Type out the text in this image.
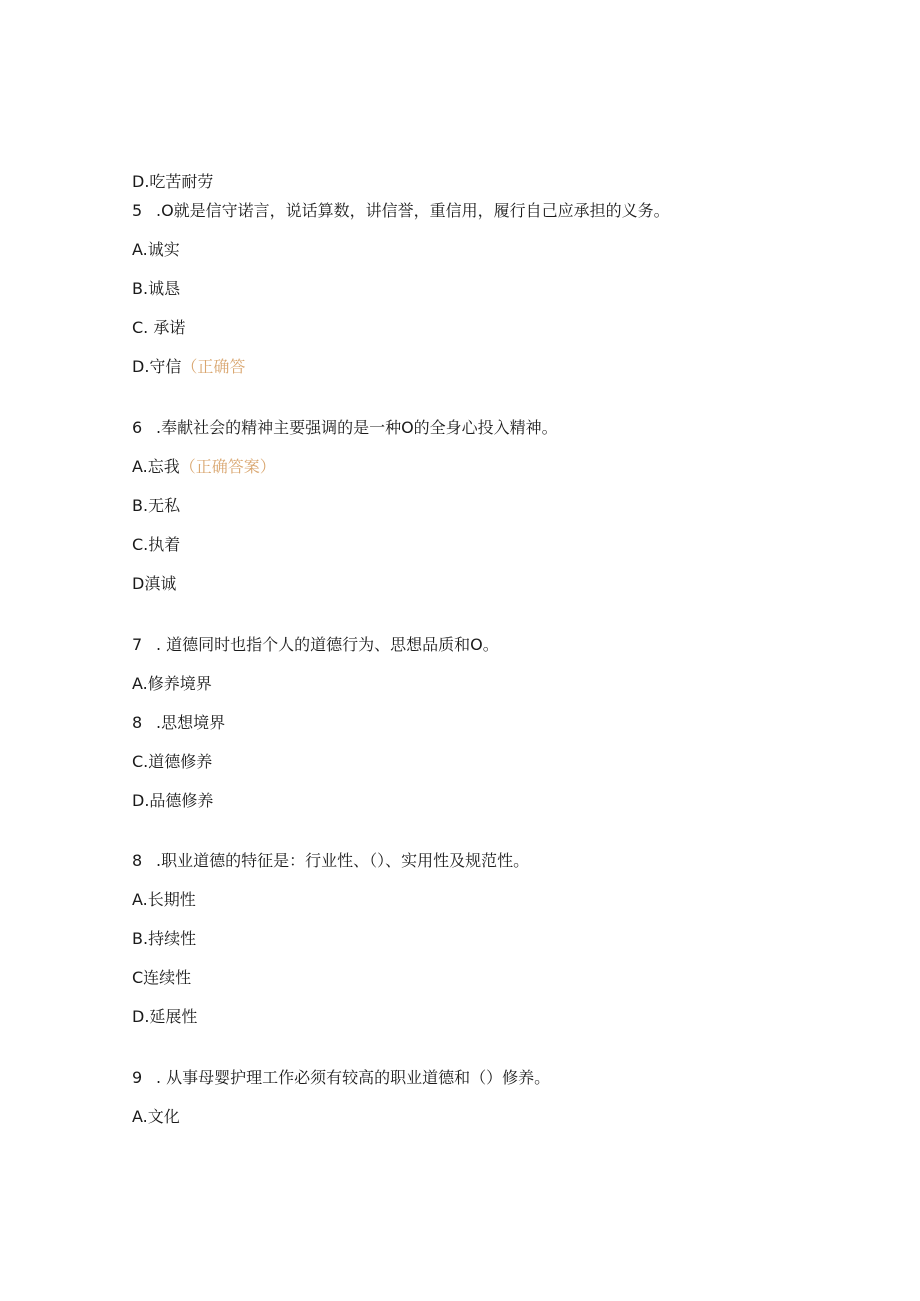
D.吃苦耐劳
5 .O就是信守诺言，说话算数，讲信誉，重信用，履行自己应承担的义务。
A.诚实
B.诚恳
C. 承诺
D.守信（正确答
6 .奉献社会的精神主要强调的是一种O的全身心投入精神。
A.忘我（正确答案）
B.无私
C.执着
D滇诚
7 . 道德同时也指个人的道德行为、思想品质和O。
A.修养境界
8 .思想境界
C.道德修养
D.品德修养
8 .职业道德的特征是：行业性、（）、实用性及规范性。
A.长期性
B.持续性
C连续性
D.延展性
9 . 从事母婴护理工作必须有较高的职业道德和（）修养。
A.文化
